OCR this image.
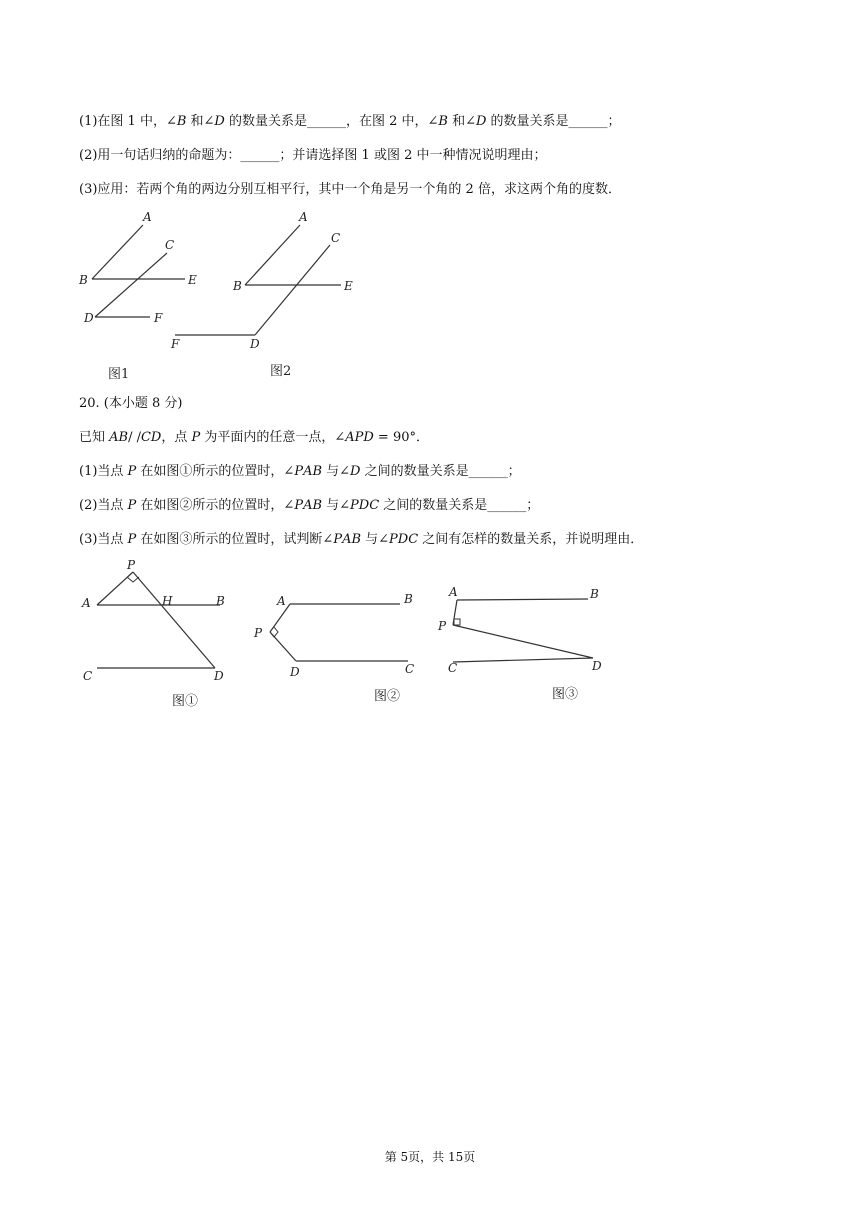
(1)在图 1 中，∠𝐵 和∠𝐷 的数量关系是______，在图 2 中，∠𝐵 和∠𝐷 的数量关系是______；
(2)用一句话归纳的命题为：______；并请选择图 1 或图 2 中一种情况说明理由；
(3)应用：若两个角的两边分别互相平行，其中一个角是另一个角的 2 倍，求这两个角的度数．
A
C
B	E
D	F
图1
A
C
B	E
F	D
图2
20. (本小题 8 分)
已知 𝐴𝐵/ /𝐶𝐷，点 𝑃 为平面内的任意一点，∠𝐴𝑃𝐷 = 90°．
(1)当点 𝑃 在如图①所示的位置时，∠𝑃𝐴𝐵 与∠𝐷 之间的数量关系是______；
(2)当点 𝑃 在如图②所示的位置时，∠𝑃𝐴𝐵 与∠𝑃𝐷𝐶 之间的数量关系是______；
(3)当点 𝑃 在如图③所示的位置时，试判断∠𝑃𝐴𝐵 与∠𝑃𝐷𝐶 之间有怎样的数量关系，并说明理由．
P
A	H	B
C	D
图①
A	B
P
D	C
图②
A	B
P
C	D
图③
第 5页，共 15页
